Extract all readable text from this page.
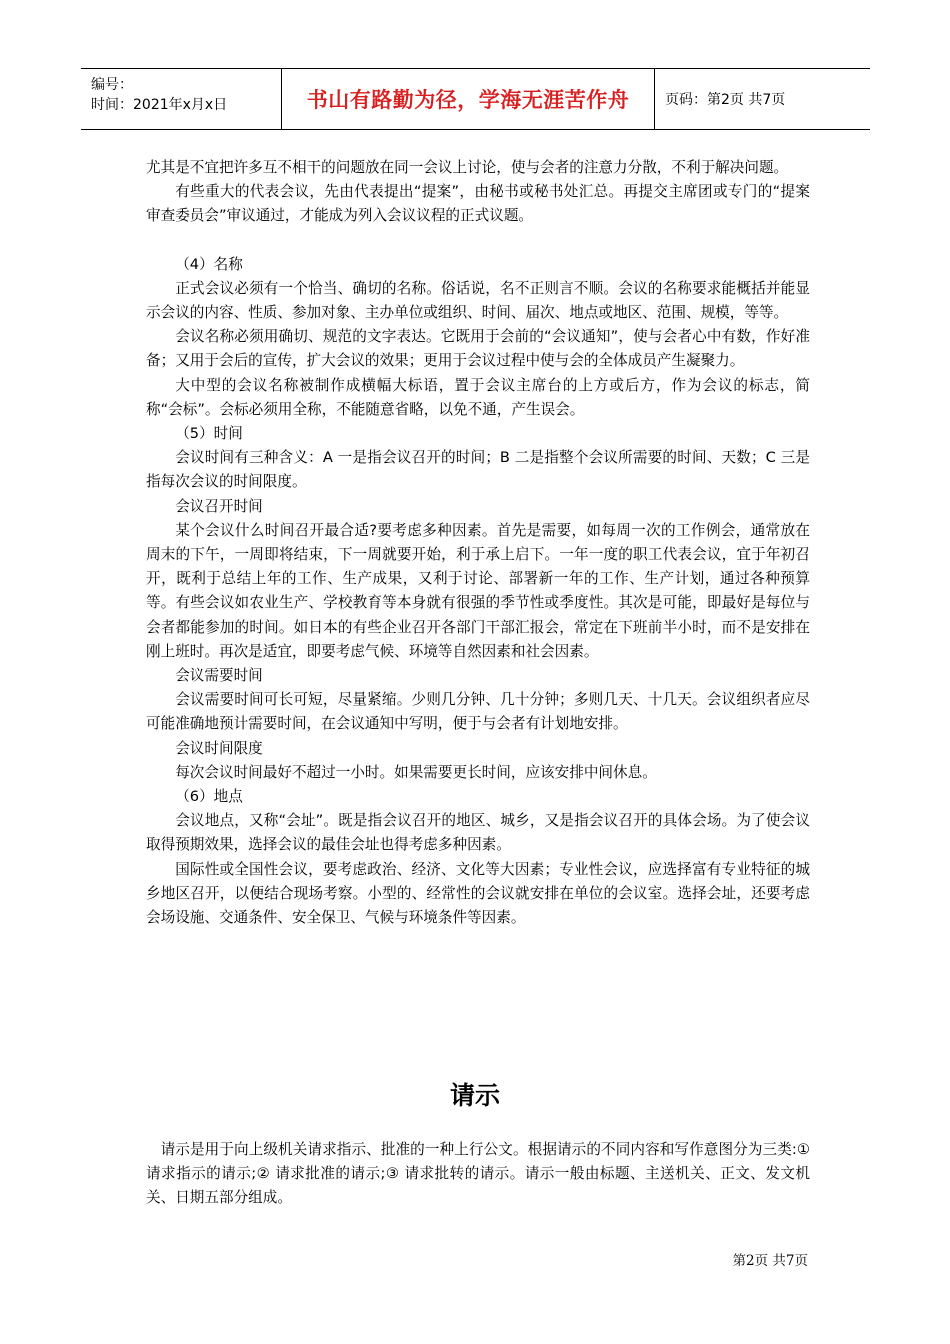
编号：
时间：2021年x月x日	书山有路勤为径，学海无涯苦作舟	页码：第2页 共7页

尤其是不宜把许多互不相干的问题放在同一会议上讨论，使与会者的注意力分散，不利于解决问题。

有些重大的代表会议，先由代表提出“提案”，由秘书或秘书处汇总。再提交主席团或专门的“提案审查委员会”审议通过，才能成为列入会议议程的正式议题。

（4）名称

正式会议必须有一个恰当、确切的名称。俗话说，名不正则言不顺。会议的名称要求能概括并能显示会议的内容、性质、参加对象、主办单位或组织、时间、届次、地点或地区、范围、规模，等等。

会议名称必须用确切、规范的文字表达。它既用于会前的“会议通知”，使与会者心中有数，作好准备；又用于会后的宣传，扩大会议的效果；更用于会议过程中使与会的全体成员产生凝聚力。

大中型的会议名称被制作成横幅大标语，置于会议主席台的上方或后方，作为会议的标志，简称“会标”。会标必须用全称，不能随意省略，以免不通，产生误会。

（5）时间

会议时间有三种含义：A 一是指会议召开的时间；B 二是指整个会议所需要的时间、天数；C 三是指每次会议的时间限度。

会议召开时间

某个会议什么时间召开最合适?要考虑多种因素。首先是需要，如每周一次的工作例会，通常放在周末的下午，一周即将结束，下一周就要开始，利于承上启下。一年一度的职工代表会议，宜于年初召开，既利于总结上年的工作、生产成果，又利于讨论、部署新一年的工作、生产计划，通过各种预算等。有些会议如农业生产、学校教育等本身就有很强的季节性或季度性。其次是可能，即最好是每位与会者都能参加的时间。如日本的有些企业召开各部门干部汇报会，常定在下班前半小时，而不是安排在刚上班时。再次是适宜，即要考虑气候、环境等自然因素和社会因素。

会议需要时间

会议需要时间可长可短，尽量紧缩。少则几分钟、几十分钟；多则几天、十几天。会议组织者应尽可能准确地预计需要时间，在会议通知中写明，便于与会者有计划地安排。

会议时间限度

每次会议时间最好不超过一小时。如果需要更长时间，应该安排中间休息。

（6）地点

会议地点，又称“会址”。既是指会议召开的地区、城乡，又是指会议召开的具体会场。为了使会议取得预期效果，选择会议的最佳会址也得考虑多种因素。

国际性或全国性会议，要考虑政治、经济、文化等大因素；专业性会议，应选择富有专业特征的城乡地区召开，以便结合现场考察。小型的、经常性的会议就安排在单位的会议室。选择会址，还要考虑会场设施、交通条件、安全保卫、气候与环境条件等因素。

请示

请示是用于向上级机关请求指示、批准的一种上行公文。根据请示的不同内容和写作意图分为三类:① 请求指示的请示;② 请求批准的请示;③ 请求批转的请示。请示一般由标题、主送机关、正文、发文机关、日期五部分组成。

第2页 共7页
